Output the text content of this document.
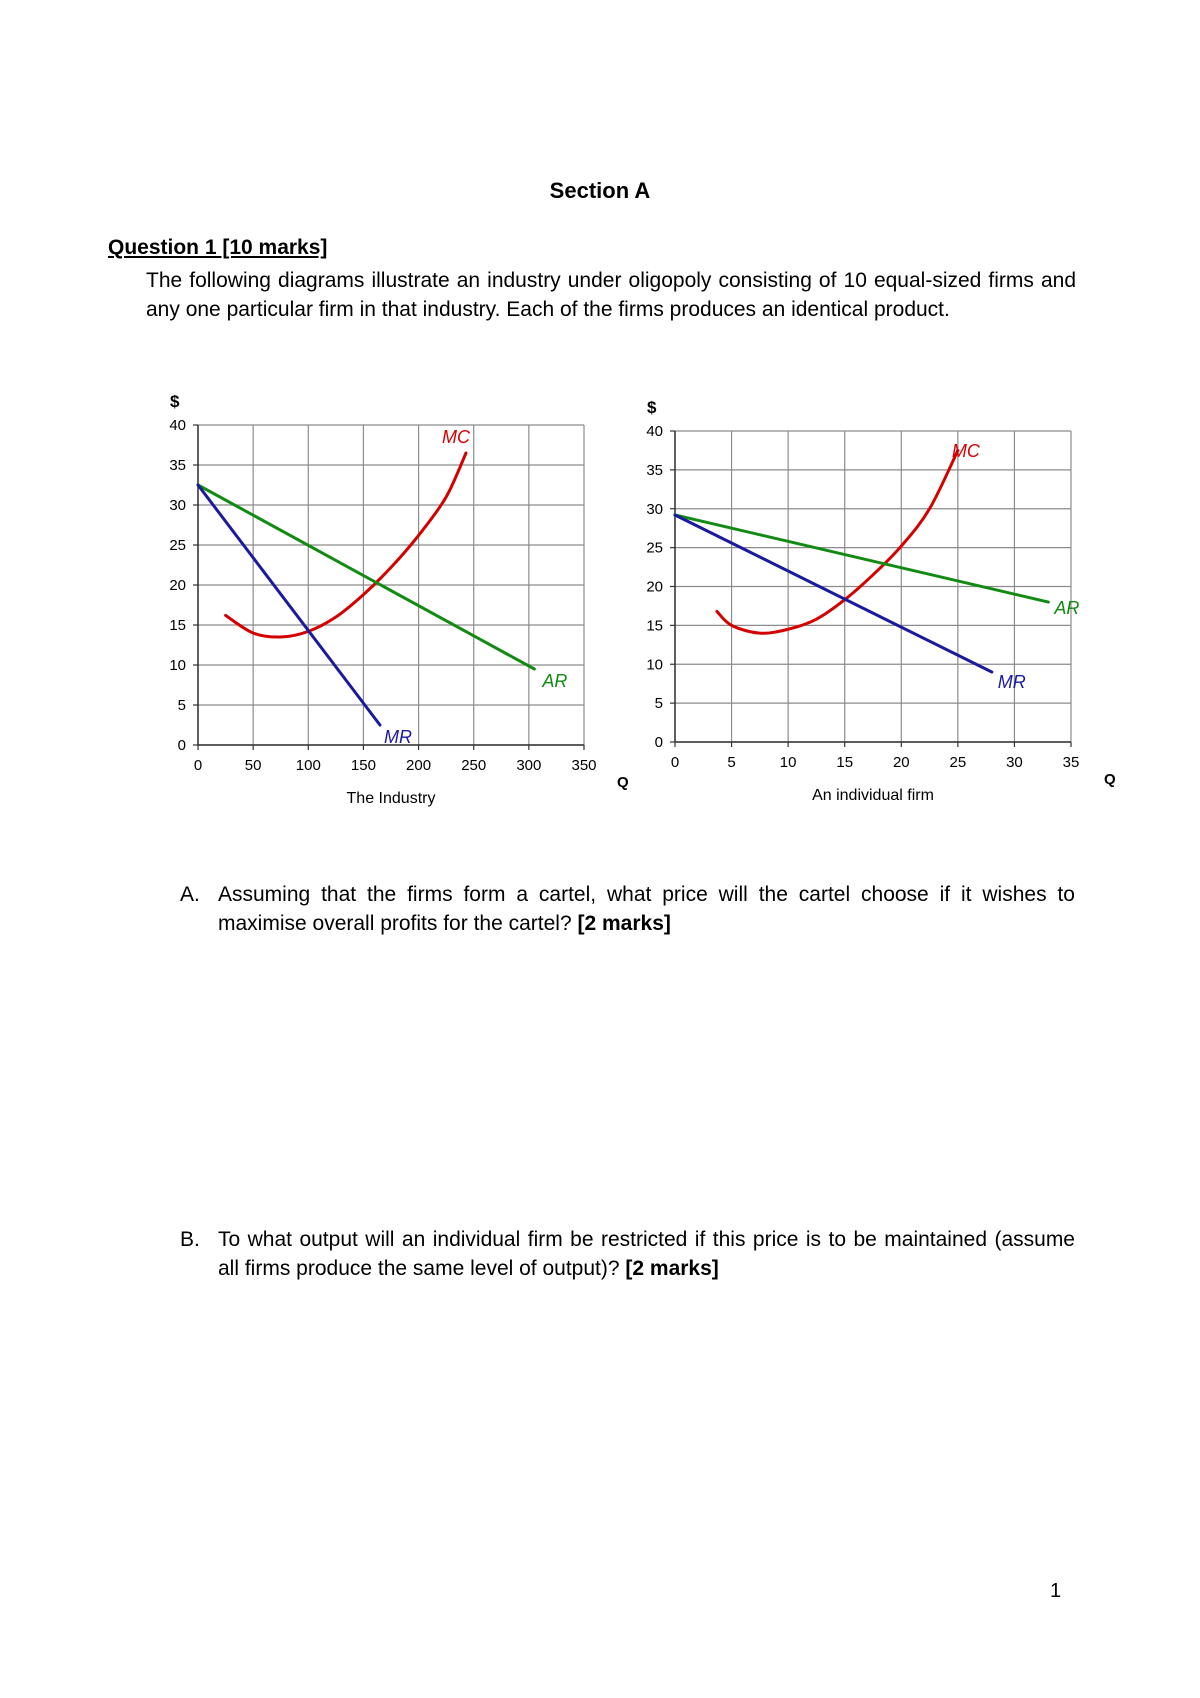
Section A
Question 1 [10 marks]
The following diagrams illustrate an industry under oligopoly consisting of 10 equal-sized firms and any one particular firm in that industry. Each of the firms produces an identical product.
0	50 100 150 200 250 300 350
0
5
10
15
20
25
30
35
40
$
Q
The Industry
MC
AR
MR
0	5	10	15	20	25	30	35
0
5
10
15
20
25
30
35
40
$
Q
An individual firm
MC
AR
MR
A. Assuming that the firms form a cartel, what price will the cartel choose if it wishes to maximise overall profits for the cartel? [2 marks]
B. To what output will an individual firm be restricted if this price is to be maintained (assume all firms produce the same level of output)? [2 marks]
1
